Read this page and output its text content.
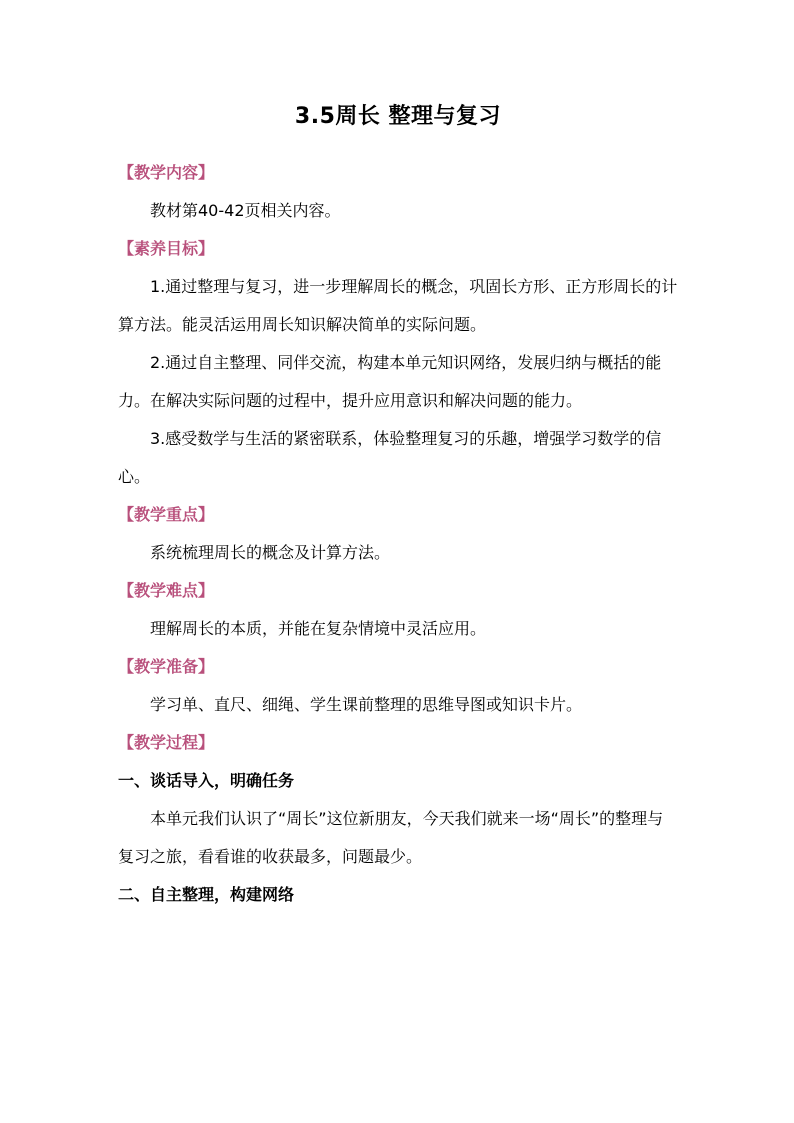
3.5周长 整理与复习
【教学内容】

教材第40-42页相关内容。

【素养目标】

1.通过整理与复习，进一步理解周长的概念，巩固长方形、正方形周长的计算方法。能灵活运用周长知识解决简单的实际问题。

2.通过自主整理、同伴交流，构建本单元知识网络，发展归纳与概括的能力。在解决实际问题的过程中，提升应用意识和解决问题的能力。

3.感受数学与生活的紧密联系，体验整理复习的乐趣，增强学习数学的信心。

【教学重点】

系统梳理周长的概念及计算方法。

【教学难点】

理解周长的本质，并能在复杂情境中灵活应用。

【教学准备】

学习单、直尺、细绳、学生课前整理的思维导图或知识卡片。

【教学过程】
一、谈话导入，明确任务

本单元我们认识了“周长”这位新朋友，今天我们就来一场“周长”的整理与复习之旅，看看谁的收获最多，问题最少。

二、自主整理，构建网络
